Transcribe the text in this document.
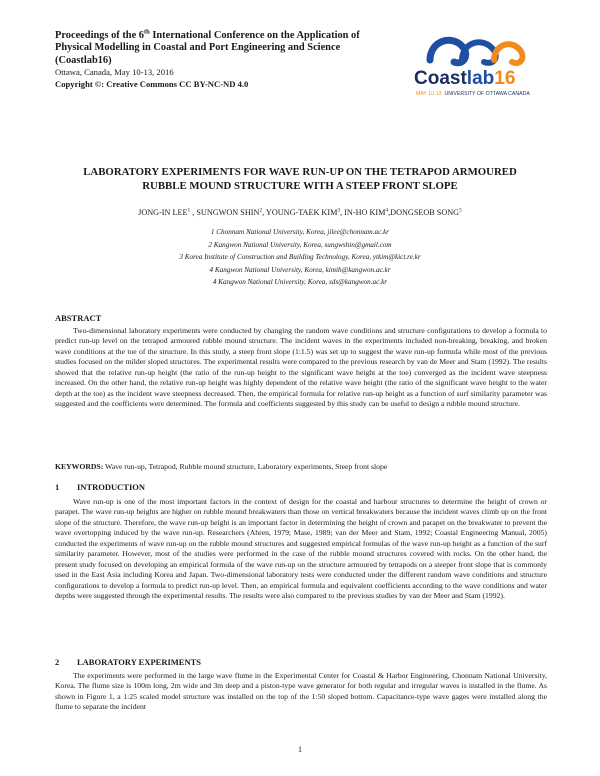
Proceedings of the 6th International Conference on the Application of Physical Modelling in Coastal and Port Engineering and Science (Coastlab16)
Ottawa, Canada, May 10-13, 2016
Copyright ©: Creative Commons CC BY-NC-ND 4.0	Coastlab16
MAY 10-13 UNIVERSITY OF OTTAWA CANADA
LABORATORY EXPERIMENTS FOR WAVE RUN-UP ON THE TETRAPOD ARMOURED
RUBBLE MOUND STRUCTURE WITH A STEEP FRONT SLOPE
JONG-IN LEE$^1$ , SUNGWON SHIN$^2$, YOUNG-TAEK KIM$^3$, IN-HO KIM$^4$,DONGSEOB SONG$^5$
1 Chonnam National University, Korea, jilee@chonnam.ac.kr
2 Kangwon National University, Korea, sungwshin@gmail.com
3 Korea Institute of Construction and Building Technology, Korea, ytkim@kict.re.kr
4 Kangwon National University, Korea, kimih@kangwon.ac.kr
4 Kangwon National University, Korea, sds@kangwon.ac.kr
ABSTRACT
Two-dimensional laboratory experiments were conducted by changing the random wave conditions and structure configurations to develop a formula to predict run-up level on the tetrapod armoured rubble mound structure. The incident waves in the experiments included non-breaking, breaking, and broken wave conditions at the toe of the structure. In this study, a steep front slope (1:1.5) was set up to suggest the wave run-up formula while most of the previous studies focused on the milder sloped structures. The experimental results were compared to the previous research by van de Meer and Stam (1992). The results showed that the relative run-up height (the ratio of the run-up height to the significant wave height at the toe) converged as the incident wave steepness increased. On the other hand, the relative run-up height was highly dependent of the relative wave height (the ratio of the significant wave height to the water depth at the toe) as the incident wave steepness decreased. Then, the empirical formula for relative run-up height as a function of surf similarity parameter was suggested and the coefficients were determined. The formula and coefficients suggested by this study can be useful to design a rubble mound structure.
KEYWORDS: Wave run-up, Tetrapod, Rubble mound structure, Laboratory experiments, Steep front slope
1 INTRODUCTION
Wave run-up is one of the most important factors in the context of design for the coastal and harbour structures to determine the height of crown or parapet. The wave run-up heights are higher on rubble mound breakwaters than those on vertical breakwaters because the incident waves climb up on the front slope of the structure. Therefore, the wave run-up height is an important factor in determining the height of crown and parapet on the breakwater to prevent the wave overtopping induced by the wave run-up. Researchers (Ahren, 1979; Mase, 1989; van der Meer and Stam, 1992; Coastal Engineering Manual, 2005) conducted the experiments of wave run-up on the rubble mound structures and suggested empirical formulas of the wave run-up height as a function of the surf similarity parameter. However, most of the studies were performed in the case of the rubble mound structures covered with rocks. On the other hand, the present study focused on developing an empirical formula of the wave run-up on the structure armoured by tetrapods on a steeper front slope that is commonly used in the East Asia including Korea and Japan. Two-dimensional laboratory tests were conducted under the different random wave conditions and structure configurations to develop a formula to predict run-up level. Then, an empirical formula and equivalent coefficients according to the wave conditions and water depths were suggested through the experimental results. The results were also compared to the previous studies by van der Meer and Stam (1992).
2 LABORATORY EXPERIMENTS
The experiments were performed in the large wave flume in the Experimental Center for Coastal & Harbor Engineering, Chonnam National University, Korea. The flume size is 100m long, 2m wide and 3m deep and a piston-type wave generator for both regular and irregular waves is installed in the flume. As shown in Figure 1, a 1:25 scaled model structure was installed on the top of the 1:50 sloped bottom. Capacitance-type wave gages were installed along the flume to separate the incident
1
